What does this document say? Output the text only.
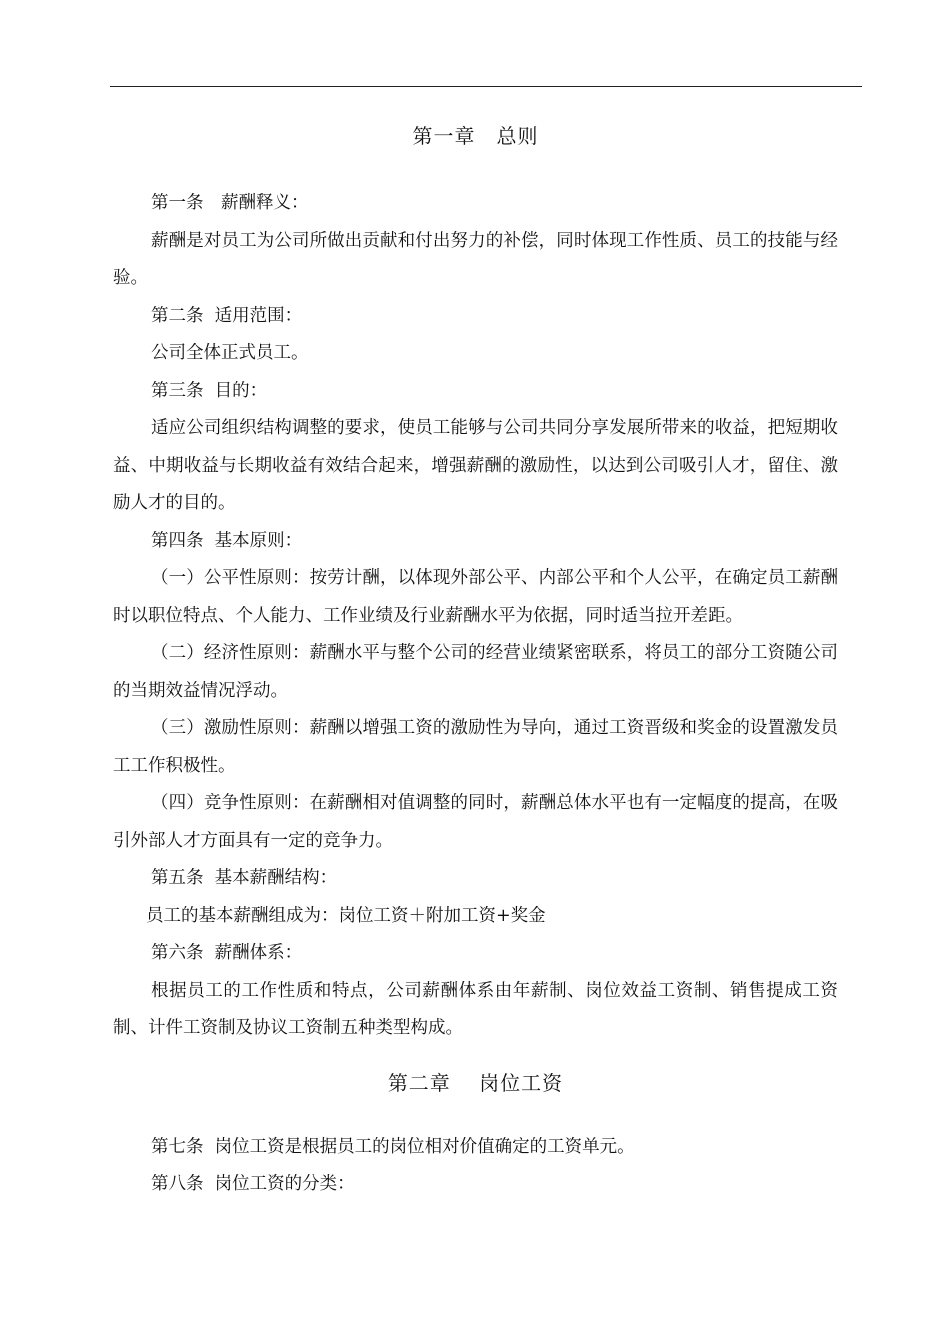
第一章　总则

第一条　薪酬释义：

薪酬是对员工为公司所做出贡献和付出努力的补偿，同时体现工作性质、员工的技能与经验。

第二条  适用范围：

公司全体正式员工。

第三条  目的：

适应公司组织结构调整的要求，使员工能够与公司共同分享发展所带来的收益，把短期收益、中期收益与长期收益有效结合起来，增强薪酬的激励性，以达到公司吸引人才，留住、激励人才的目的。

第四条  基本原则：

（一）公平性原则：按劳计酬，以体现外部公平、内部公平和个人公平，在确定员工薪酬时以职位特点、个人能力、工作业绩及行业薪酬水平为依据，同时适当拉开差距。

（二）经济性原则：薪酬水平与整个公司的经营业绩紧密联系，将员工的部分工资随公司的当期效益情况浮动。

（三）激励性原则：薪酬以增强工资的激励性为导向，通过工资晋级和奖金的设置激发员工工作积极性。

（四）竞争性原则：在薪酬相对值调整的同时，薪酬总体水平也有一定幅度的提高，在吸引外部人才方面具有一定的竞争力。

第五条  基本薪酬结构：

员工的基本薪酬组成为：岗位工资＋附加工资+奖金

第六条  薪酬体系：

根据员工的工作性质和特点，公司薪酬体系由年薪制、岗位效益工资制、销售提成工资制、计件工资制及协议工资制五种类型构成。

第二章　 岗位工资

第七条  岗位工资是根据员工的岗位相对价值确定的工资单元。

第八条  岗位工资的分类：
